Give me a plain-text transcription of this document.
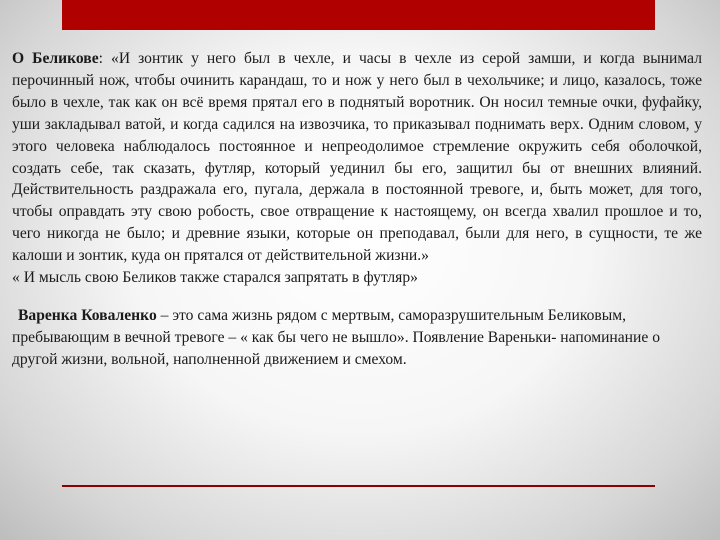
О Беликове: «И зонтик у него был в чехле, и часы в чехле из серой замши, и когда вынимал перочинный нож, чтобы очинить карандаш, то и нож у него был в чехольчике; и лицо, казалось, тоже было в чехле, так как он всё время прятал его в поднятый воротник. Он носил темные очки, фуфайку, уши закладывал ватой, и когда садился на извозчика, то приказывал поднимать верх. Одним словом, у этого человека наблюдалось постоянное и непреодолимое стремление окружить себя оболочкой, создать себе, так сказать, футляр, который уединил бы его, защитил бы от внешних влияний. Действительность раздражала его, пугала, держала в постоянной тревоге, и, быть может, для того, чтобы оправдать эту свою робость, свое отвращение к настоящему, он всегда хвалил прошлое и то, чего никогда не было; и древние языки, которые он преподавал, были для него, в сущности, те же калоши и зонтик, куда он прятался от действительной жизни.»

« И мысль свою Беликов также старался запрятать в футляр»

Варенка Коваленко – это сама жизнь рядом с мертвым, саморазрушительным Беликовым, пребывающим в вечной тревоге – « как бы чего не вышло». Появление Вареньки- напоминание о другой жизни, вольной, наполненной движением и смехом.
